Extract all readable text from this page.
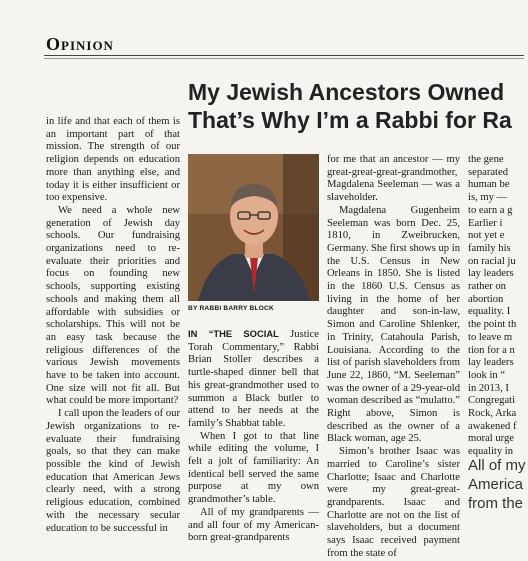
Opinion

in life and that each of them is an important part of that mission. The strength of our religion depends on education more than anything else, and today it is either insufficient or too expensive.

We need a whole new generation of Jewish day schools. Our fundraising organizations need to re-evaluate their priorities and focus on founding new schools, supporting existing schools and making them all affordable with subsidies or scholarships. This will not be an easy task because the religious differences of the various Jewish movements have to be taken into account. One size will not fit all. But what could be more important?

I call upon the leaders of our Jewish organizations to re-evaluate their fundraising goals, so that they can make possible the kind of Jewish education that American Jews clearly need, with a strong religious education, combined with the necessary secular education to be successful in

My Jewish Ancestors Owned
That’s Why I’m a Rabbi for Ra
BY RABBI BARRY BLOCK

IN “THE SOCIAL Justice Torah Commentary,” Rabbi Brian Stoller describes a turtle-shaped dinner bell that his great-grandmother used to summon a Black butler to attend to her needs at the family’s Shabbat table.

When I got to that line while editing the volume, I felt a jolt of familiarity: An identical bell served the same purpose at my own grandmother’s table.

All of my grandparents — and all four of my American-born great-grandparents

for me that an ancestor — my great-great-great-grandmother, Magdalena Seeleman — was a slaveholder.

Magdalena Gugenheim Seeleman was born Dec. 25, 1810, in Zweibrucken, Germany. She first shows up in the U.S. Census in New Orleans in 1850. She is listed in the 1860 U.S. Census as living in the home of her daughter and son-in-law, Simon and Caroline Shlenker, in Trinity, Catahoula Parish, Louisiana. According to the list of parish slaveholders from June 22, 1860, “M. Seeleman” was the owner of a 29-year-old woman described as “mulatto.” Right above, Simon is described as the owner of a Black woman, age 25.

Simon’s brother Isaac was married to Caroline’s sister Charlotte; Isaac and Charlotte were my great-great-grandparents. Isaac and Charlotte are not on the list of slaveholders, but a document says Isaac received payment from the state of

the gene
separated
human be
is, my —
to earn a g
Earlier i
not yet e
family his
on racial ju
lay leaders
rather on
abortion
equality. I
the point th
to leave m
tion for a n
lay leaders
look in “
in 2013, I
Congregati
Rock, Arka
awakened f
moral urge
equality in
All of my
America
from the
